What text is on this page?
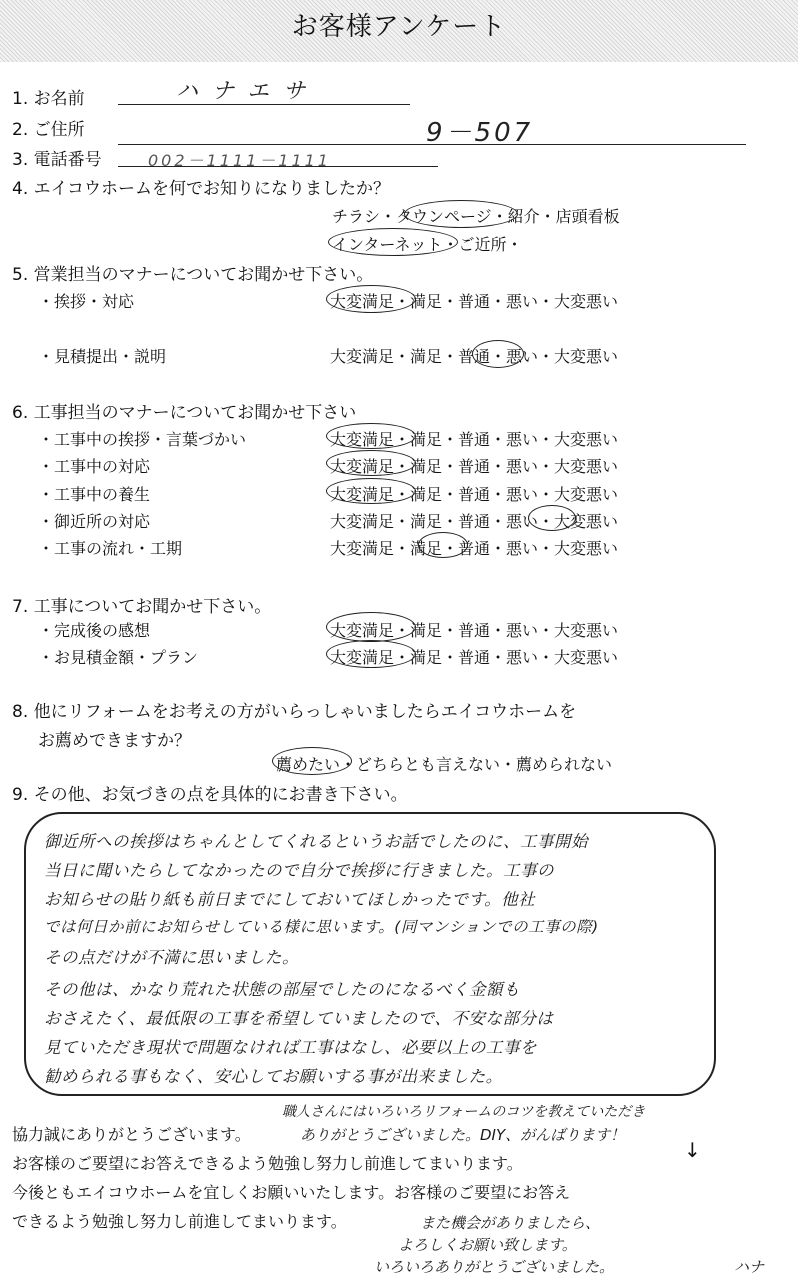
お客様アンケート
1. お名前	ハナエサ
2. ご住所	9－507
3. 電話番号	002－1111－1111
4. エイコウホームを何でお知りになりましたか？
チラシ・タウンページ・紹介・店頭看板
インターネット・ご近所・
5. 営業担当のマナーについてお聞かせ下さい。
・挨拶・対応	大変満足・満足・普通・悪い・大変悪い
・見積提出・説明	大変満足・満足・普通・悪い・大変悪い
6. 工事担当のマナーについてお聞かせ下さい
・工事中の挨拶・言葉づかい	大変満足・満足・普通・悪い・大変悪い
・工事中の対応	大変満足・満足・普通・悪い・大変悪い
・工事中の養生	大変満足・満足・普通・悪い・大変悪い
・御近所の対応	大変満足・満足・普通・悪い・大変悪い
・工事の流れ・工期	大変満足・満足・普通・悪い・大変悪い
7. 工事についてお聞かせ下さい。
・完成後の感想	大変満足・満足・普通・悪い・大変悪い
・お見積金額・プラン	大変満足・満足・普通・悪い・大変悪い
8. 他にリフォームをお考えの方がいらっしゃいましたらエイコウホームを
お薦めできますか？
薦めたい・どちらとも言えない・薦められない
9. その他、お気づきの点を具体的にお書き下さい。
御近所への挨拶はちゃんとしてくれるというお話でしたのに、工事開始
当日に聞いたらしてなかったので自分で挨拶に行きました。工事の
お知らせの貼り紙も前日までにしておいてほしかったです。他社
では何日か前にお知らせしている様に思います。(同マンションでの工事の際)
その点だけが不満に思いました。
その他は、かなり荒れた状態の部屋でしたのになるべく金額も
おさえたく、最低限の工事を希望していましたので、不安な部分は
見ていただき現状で問題なければ工事はなし、必要以上の工事を
勧められる事もなく、安心してお願いする事が出来ました。
協力誠にありがとうございます。
お客様のご要望にお答えできるよう勉強し努力し前進してまいります。
今後ともエイコウホームを宜しくお願いいたします。お客様のご要望にお答え
できるよう勉強し努力し前進してまいります。
職人さんにはいろいろリフォームのコツを教えていただき
ありがとうございました。DIY、がんばります！
↓
また機会がありましたら、
よろしくお願い致します。
いろいろありがとうございました。	ハナ
